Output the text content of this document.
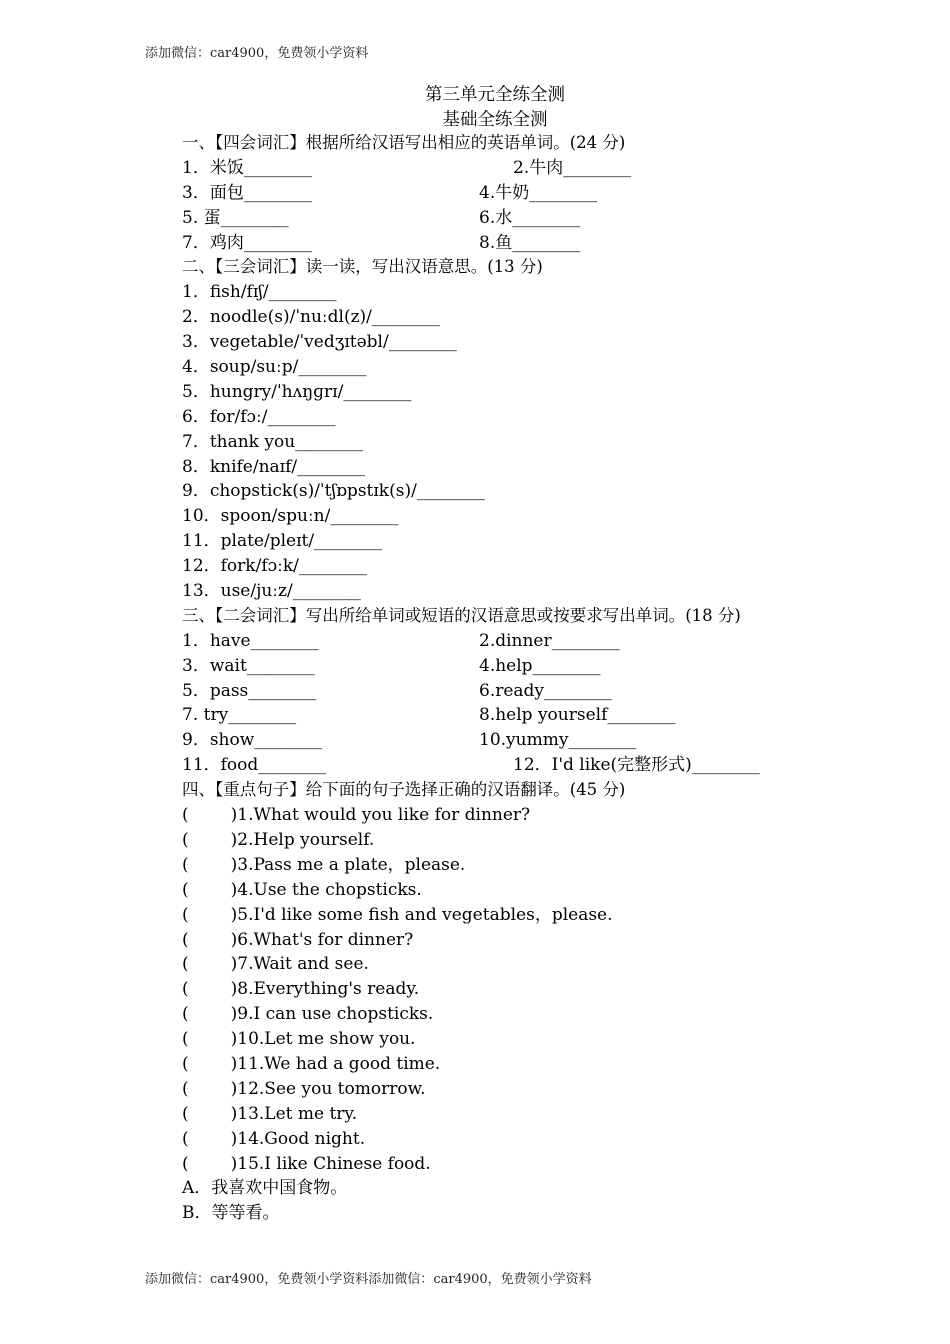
添加微信：car4900，免费领小学资料
第三单元全练全测
基础全练全测
一、【四会词汇】根据所给汉语写出相应的英语单词。(24 分)
1．米饭________	2.牛肉________
3．面包________	4.牛奶________
5. 蛋________	6.水________
7．鸡肉________	8.鱼________
二、【三会词汇】读一读，写出汉语意思。(13 分)
1．fish/fɪʃ/________
2．noodle(s)/ˈnuːdl(z)/________
3．vegetable/ˈvedʒɪtəbl/________
4．soup/suːp/________
5．hungry/ˈhʌŋɡrɪ/________
6．for/fɔː/________
7．thank you________
8．knife/naɪf/________
9．chopstick(s)/ˈtʃɒpstɪk(s)/________
10．spoon/spuːn/________
11．plate/pleɪt/________
12．fork/fɔːk/________
13．use/juːz/________
三、【二会词汇】写出所给单词或短语的汉语意思或按要求写出单词。(18 分)
1．have________	2.dinner________
3．wait________	4.help________
5．pass________	6.ready________
7. try________	8.help yourself________
9．show________	10.yummy________
11．food________	12．I'd like(完整形式)________
四、【重点句子】给下面的句子选择正确的汉语翻译。(45 分)
( )1.What would you like for dinner?
( )2.Help yourself.
( )3.Pass me a plate，please.
( )4.Use the chopsticks.
( )5.I'd like some fish and vegetables，please.
( )6.What's for dinner?
( )7.Wait and see.
( )8.Everything's ready.
( )9.I can use chopsticks.
( )10.Let me show you.
( )11.We had a good time.
( )12.See you tomorrow.
( )13.Let me try.
( )14.Good night.
( )15.I like Chinese food.
A．我喜欢中国食物。
B．等等看。
添加微信：car4900，免费领小学资料添加微信：car4900，免费领小学资料
